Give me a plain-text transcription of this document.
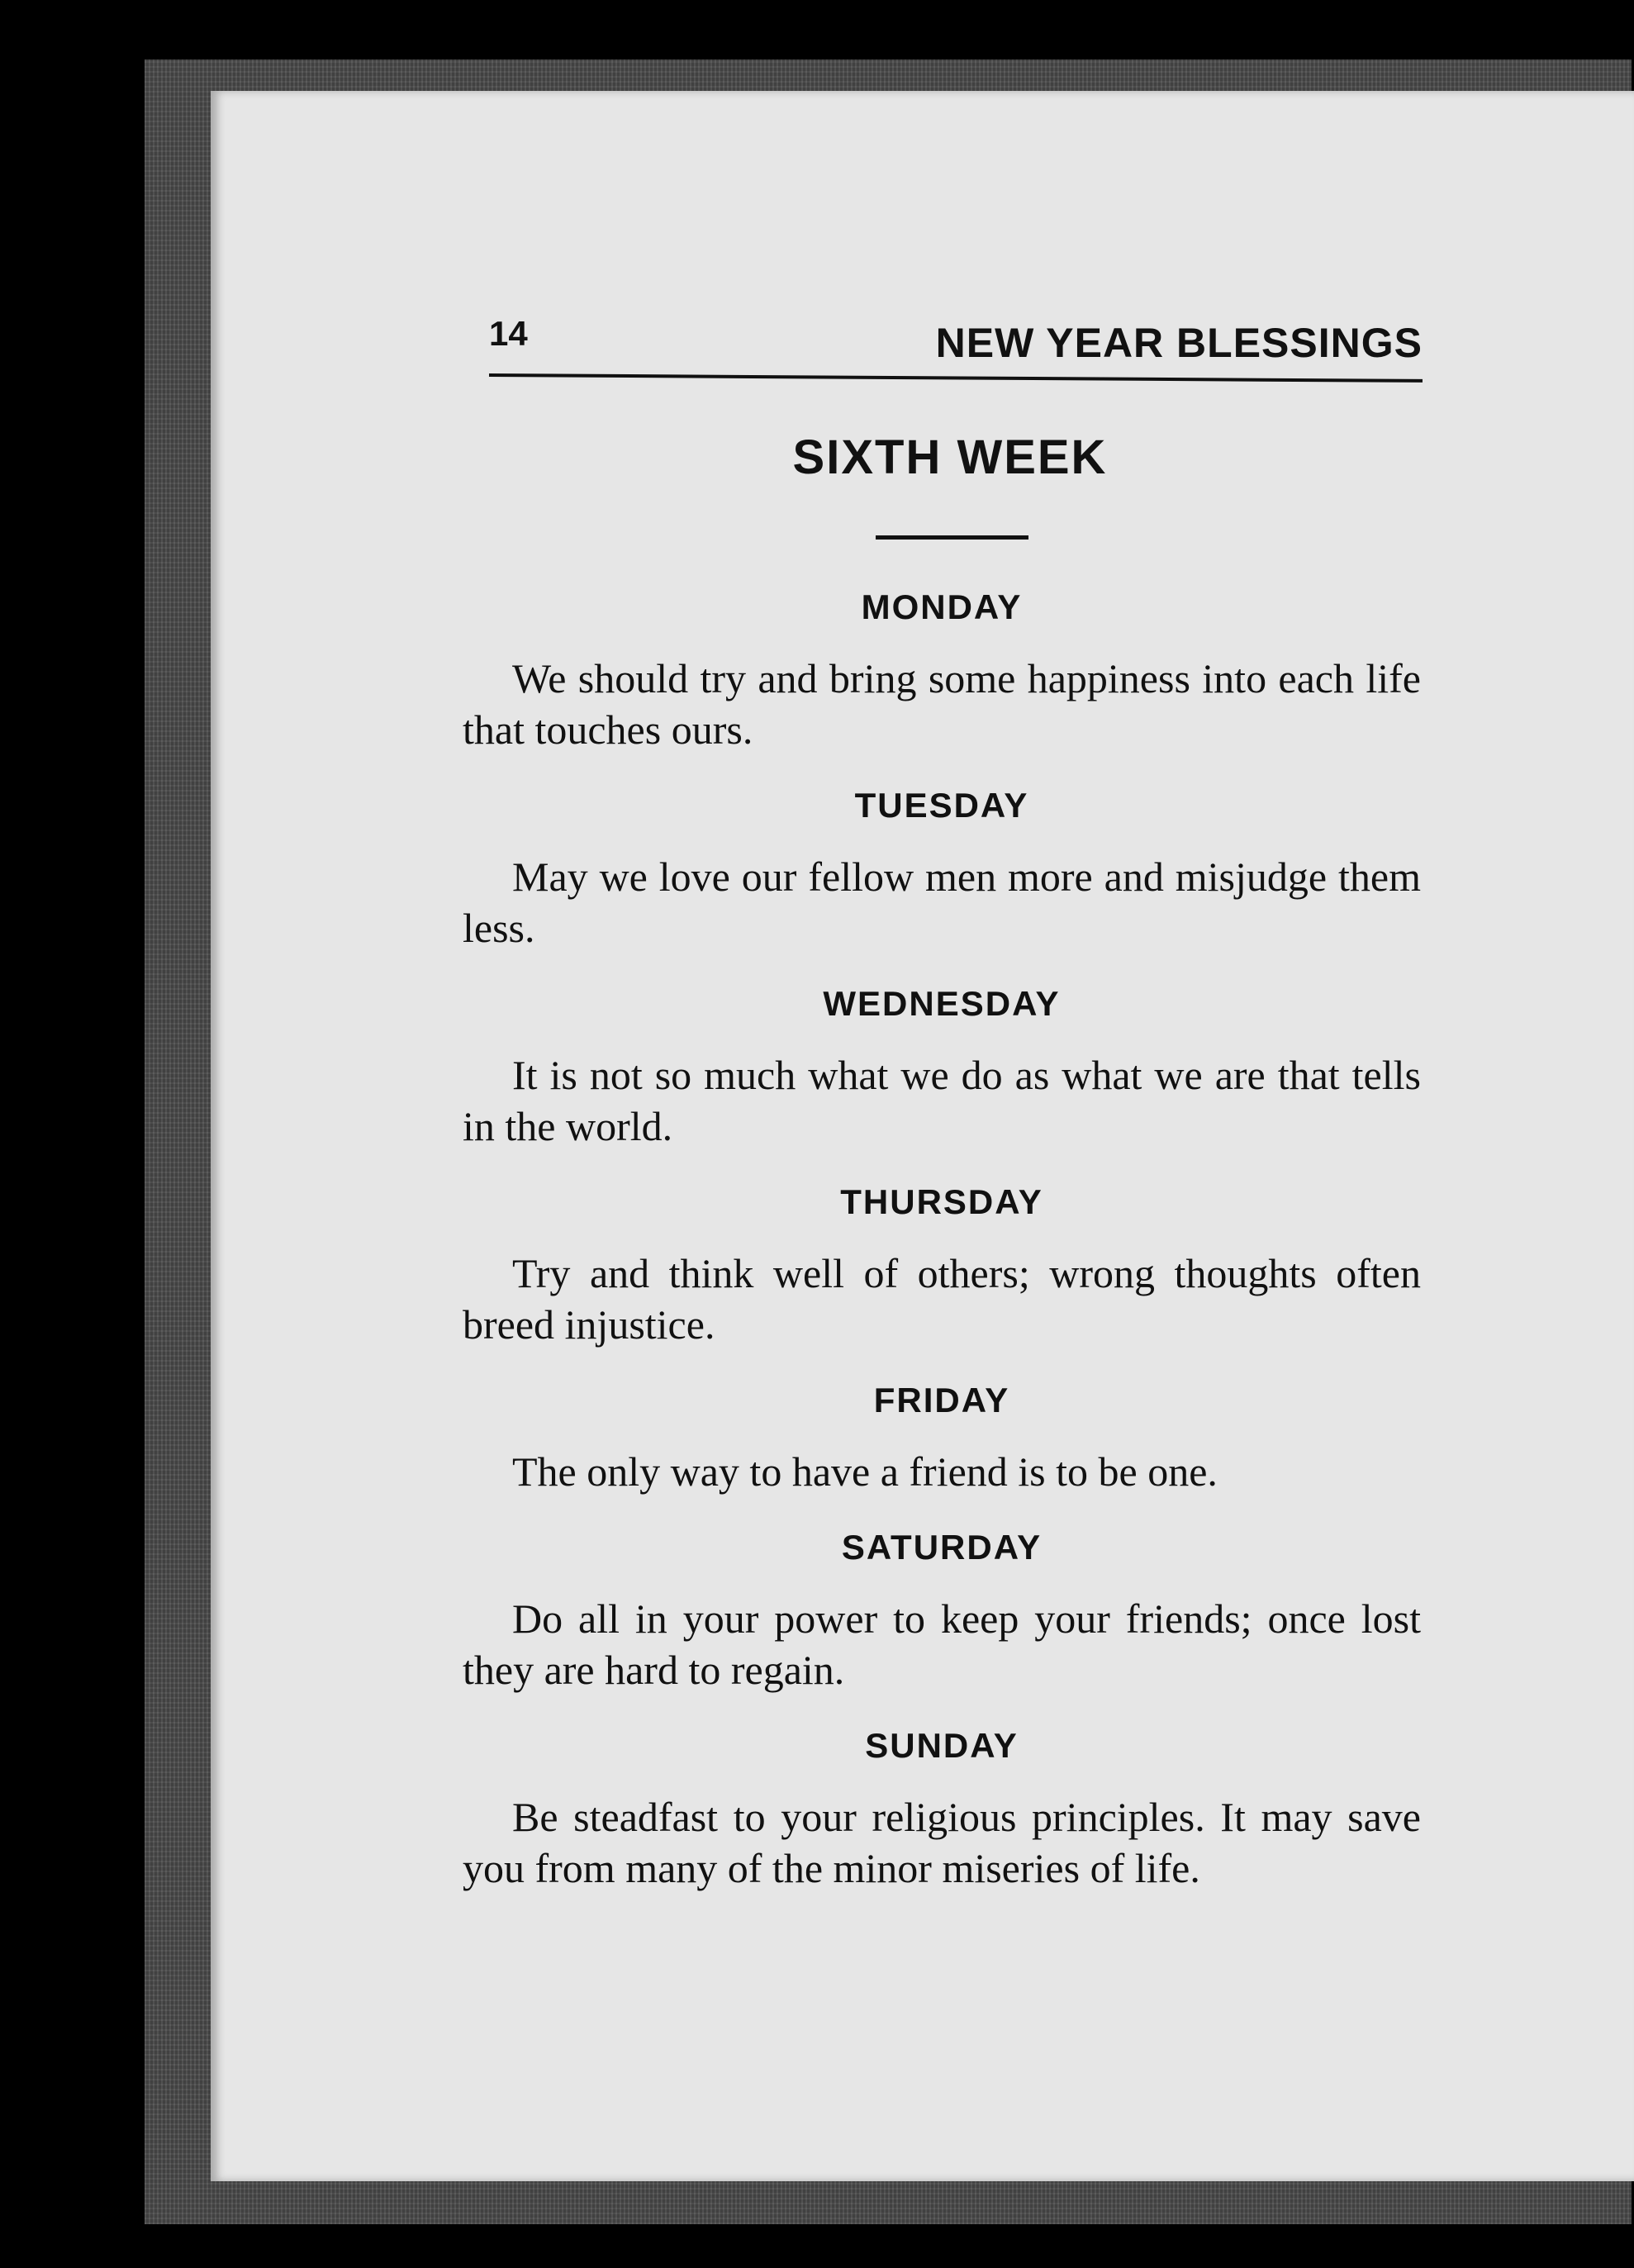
14	NEW YEAR BLESSINGS
SIXTH WEEK
MONDAY

We should try and bring some happiness into each life that touches ours.

TUESDAY

May we love our fellow men more and misjudge them less.

WEDNESDAY

It is not so much what we do as what we are that tells in the world.

THURSDAY

Try and think well of others; wrong thoughts often breed injustice.

FRIDAY

The only way to have a friend is to be one.

SATURDAY

Do all in your power to keep your friends; once lost they are hard to regain.

SUNDAY

Be steadfast to your religious principles. It may save you from many of the minor miseries of life.
